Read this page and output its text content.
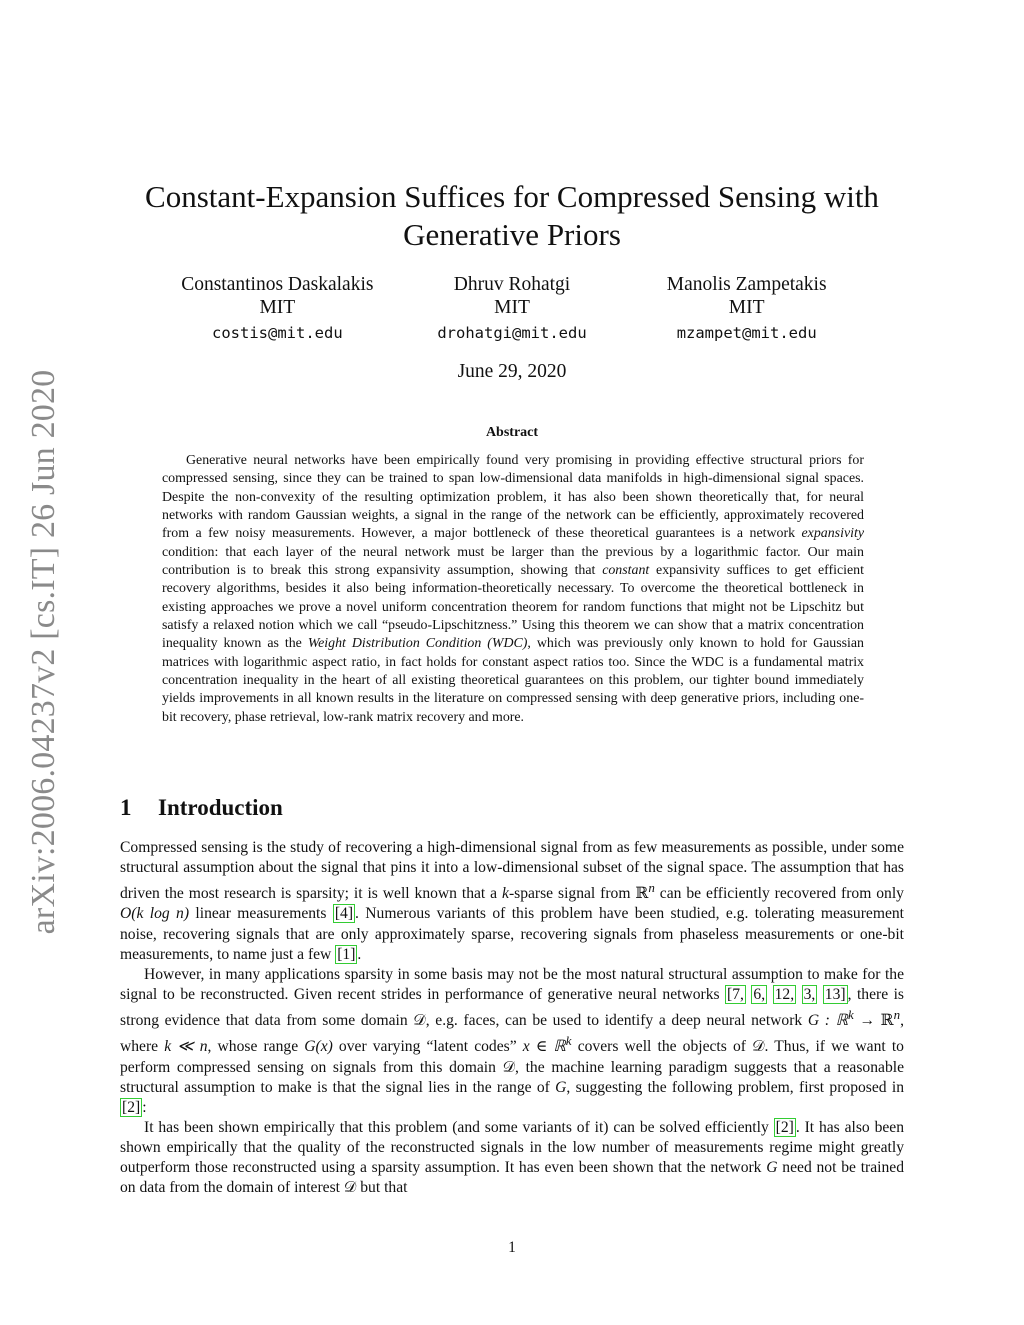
arXiv:2006.04237v2 [cs.IT] 26 Jun 2020
Constant-Expansion Suffices for Compressed Sensing with Generative Priors
Constantinos Daskalakis
MIT
costis@mit.edu
Dhruv Rohatgi
MIT
drohatgi@mit.edu
Manolis Zampetakis
MIT
mzampet@mit.edu
June 29, 2020
Abstract
Generative neural networks have been empirically found very promising in providing effective structural priors for compressed sensing, since they can be trained to span low-dimensional data manifolds in high-dimensional signal spaces. Despite the non-convexity of the resulting optimization problem, it has also been shown theoretically that, for neural networks with random Gaussian weights, a signal in the range of the network can be efficiently, approximately recovered from a few noisy measurements. However, a major bottleneck of these theoretical guarantees is a network expansivity condition: that each layer of the neural network must be larger than the previous by a logarithmic factor. Our main contribution is to break this strong expansivity assumption, showing that constant expansivity suffices to get efficient recovery algorithms, besides it also being information-theoretically necessary. To overcome the theoretical bottleneck in existing approaches we prove a novel uniform concentration theorem for random functions that might not be Lipschitz but satisfy a relaxed notion which we call “pseudo-Lipschitzness.” Using this theorem we can show that a matrix concentration inequality known as the Weight Distribution Condition (WDC), which was previously only known to hold for Gaussian matrices with logarithmic aspect ratio, in fact holds for constant aspect ratios too. Since the WDC is a fundamental matrix concentration inequality in the heart of all existing theoretical guarantees on this problem, our tighter bound immediately yields improvements in all known results in the literature on compressed sensing with deep generative priors, including one-bit recovery, phase retrieval, low-rank matrix recovery and more.
1 Introduction

Compressed sensing is the study of recovering a high-dimensional signal from as few measurements as possible, under some structural assumption about the signal that pins it into a low-dimensional subset of the signal space. The assumption that has driven the most research is sparsity; it is well known that a k-sparse signal from ℝ$^n$ can be efficiently recovered from only O(k log n) linear measurements [4] . Numerous variants of this problem have been studied, e.g. tolerating measurement noise, recovering signals that are only approximately sparse, recovering signals from phaseless measurements or one-bit measurements, to name just a few [1] .

However, in many applications sparsity in some basis may not be the most natural structural assumption to make for the signal to be reconstructed. Given recent strides in performance of generative neural networks [7, 6, 12, 3, 13] , there is strong evidence that data from some domain 𝒟, e.g. faces, can be used to identify a deep neural network G : ℝ$^k$ → ℝ$^n$, where k ≪ n, whose range G(x) over varying “latent codes” x ∈ ℝ$^k$ covers well the objects of 𝒟. Thus, if we want to perform compressed sensing on signals from this domain 𝒟, the machine learning paradigm suggests that a reasonable structural assumption to make is that the signal lies in the range of G, suggesting the following problem, first proposed in [2] :

It has been shown empirically that this problem (and some variants of it) can be solved efficiently [2] . It has also been shown empirically that the quality of the reconstructed signals in the low number of measurements regime might greatly outperform those reconstructed using a sparsity assumption. It has even been shown that the network G need not be trained on data from the domain of interest 𝒟 but that

1
